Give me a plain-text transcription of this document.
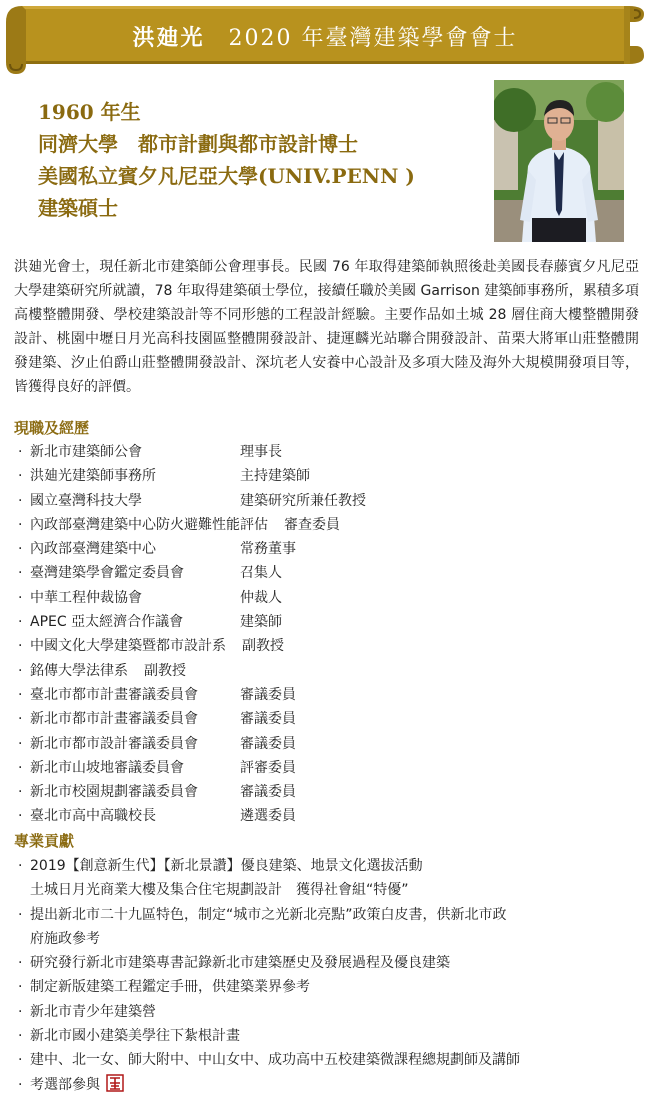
洪廸光 2020 年臺灣建築學會會士
1960 年生
同濟大學　都市計劃與都市設計博士
美國私立賓夕凡尼亞大學(UNIV.PENN )
建築碩士
洪廸光會士，現任新北市建築師公會理事長。民國 76 年取得建築師執照後赴美國長春藤賓夕凡尼亞大學建築研究所就讀，78 年取得建築碩士學位，接續任職於美國 Garrison 建築師事務所，累積多項高樓整體開發、學校建築設計等不同形態的工程設計經驗。主要作品如土城 28 層住商大樓整體開發設計、桃園中壢日月光高科技園區整體開發設計、捷運麟光站聯合開發設計、苗栗大將軍山莊整體開發建築、汐止伯爵山莊整體開發設計、深坑老人安養中心設計及多項大陸及海外大規模開發項目等，皆獲得良好的評價。
現職及經歷
· 新北市建築師公會	理事長
· 洪廸光建築師事務所	主持建築師
· 國立臺灣科技大學	建築研究所兼任教授
· 內政部臺灣建築中心防火避難性能評估 審查委員
· 內政部臺灣建築中心	常務董事
· 臺灣建築學會鑑定委員會	召集人
· 中華工程仲裁協會	仲裁人
· APEC 亞太經濟合作議會	建築師
· 中國文化大學建築暨都市設計系 副教授
· 銘傳大學法律系 副教授
· 臺北市都市計畫審議委員會	審議委員
· 新北市都市計畫審議委員會	審議委員
· 新北市都市設計審議委員會	審議委員
· 新北市山坡地審議委員會	評審委員
· 新北市校園規劃審議委員會	審議委員
· 臺北市高中高職校長	遴選委員
專業貢獻
· 2019【創意新生代】【新北景讚】優良建築、地景文化選拔活動
土城日月光商業大樓及集合住宅規劃設計　獲得社會組“特優”
· 提出新北市二十九區特色，制定“城市之光新北亮點”政策白皮書，供新北市政
府施政參考
· 研究發行新北市建築專書記錄新北市建築歷史及發展過程及優良建築
· 制定新版建築工程鑑定手冊，供建築業界參考
· 新北市青少年建築營
· 新北市國小建築美學往下紮根計畫
· 建中、北一女、師大附中、中山女中、成功高中五校建築微課程總規劃師及講師
· 考選部參與
